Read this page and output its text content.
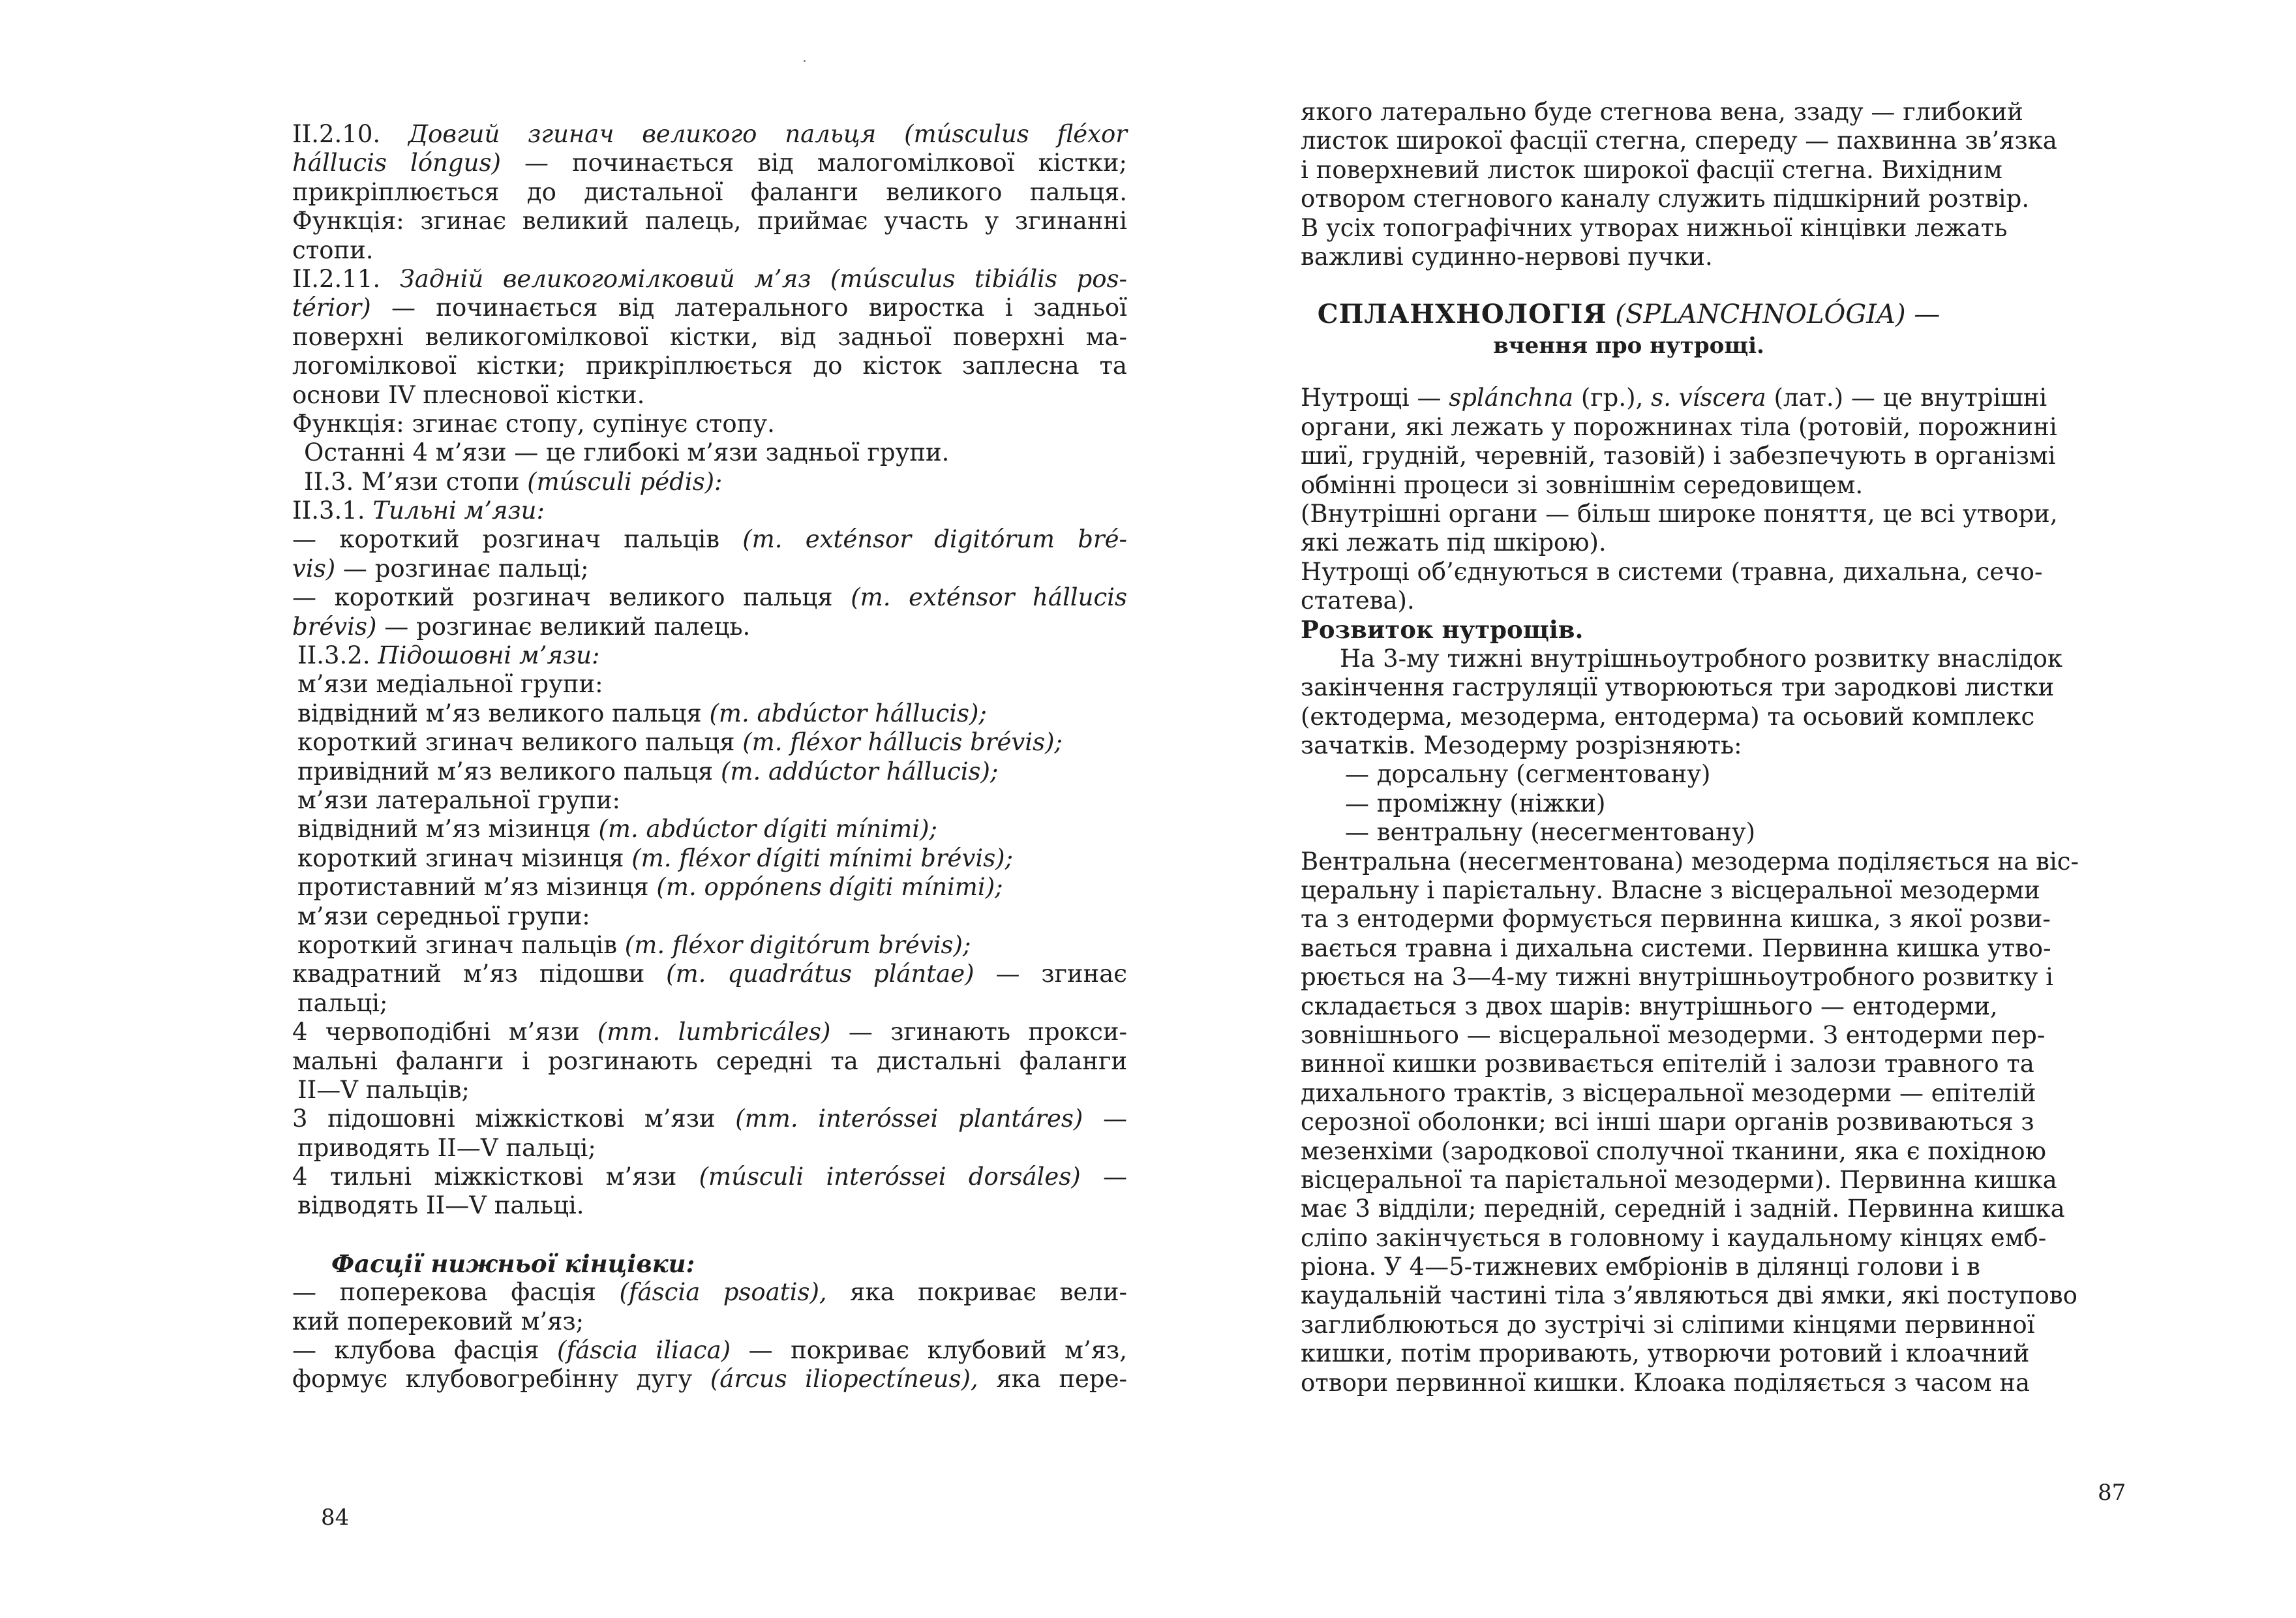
II.2.10. Довгий згинач великого пальця (músculus fléxor
hállucis lóngus) — починається від малогомілкової кістки;
прикріплюється до дистальної фаланги великого пальця.
Функція: згинає великий палець, приймає участь у згинанні
стопи.
II.2.11. Задній великогомілковий м’яз (músculus tibiális pos-
térior) — починається від латерального виростка і задньої
поверхні великогомілкової кістки, від задньої поверхні ма-
логомілкової кістки; прикріплюється до кісток заплесна та
основи IV плеснової кістки.
Функція: згинає стопу, супінує стопу.
Останні 4 м’язи — це глибокі м’язи задньої групи.
II.3. М’язи стопи (músculi pédis):
II.3.1. Тильні м’язи:
— короткий розгинач пальців (m. exténsor digitórum bré-
vis) — розгинає пальці;
— короткий розгинач великого пальця (m. exténsor hállucis
brévis) — розгинає великий палець.
II.3.2. Підошовні м’язи:
м’язи медіальної групи:
відвідний м’яз великого пальця (m. abdúctor hállucis);
короткий згинач великого пальця (m. fléxor hállucis brévis);
привідний м’яз великого пальця (m. addúctor hállucis);
м’язи латеральної групи:
відвідний м’яз мізинця (m. abdúctor dígiti mínimi);
короткий згинач мізинця (m. fléxor dígiti mínimi brévis);
протиставний м’яз мізинця (m. oppónens dígiti mínimi);
м’язи середньої групи:
короткий згинач пальців (m. fléxor digitórum brévis);
квадратний м’яз підошви (m. quadrátus plántae) — згинає
пальці;
4 червоподібні м’язи (mm. lumbricáles) — згинають прокси-
мальні фаланги і розгинають середні та дистальні фаланги
II—V пальців;
3 підошовні міжкісткові м’язи (mm. interóssei plantáres) —
приводять II—V пальці;
4 тильні міжкісткові м’язи (músculi interóssei dorsáles) —
відводять II—V пальці.
Фасції нижньої кінцівки:
— поперекова фасція (fáscia psoatis), яка покриває вели-
кий поперековий м’яз;
— клубова фасція (fáscia iliaca) — покриває клубовий м’яз,
формує клубовогребінну дугу (árcus iliopectíneus), яка пере-
84
якого латерально буде стегнова вена, ззаду — глибокий
листок широкої фасції стегна, спереду — пахвинна зв’язка
і поверхневий листок широкої фасції стегна. Вихідним
отвором стегнового каналу служить підшкірний розтвір.
В усіх топографічних утворах нижньої кінцівки лежать
важливі судинно-нервові пучки.
СПЛАНХНОЛОГІЯ (SPLANCHNOLÓGIA) —
вчення про нутрощі.
Нутрощі — splánchna (гр.), s. víscera (лат.) — це внутрішні
органи, які лежать у порожнинах тіла (ротовій, порожнині
шиї, грудній, черевній, тазовій) і забезпечують в організмі
обмінні процеси зі зовнішнім середовищем.
(Внутрішні органи — більш широке поняття, це всі утвори,
які лежать під шкірою).
Нутрощі об’єднуються в системи (травна, дихальна, сечо-
статева).
Розвиток нутрощів.
На 3-му тижні внутрішньоутробного розвитку внаслідок
закінчення гаструляції утворюються три зародкові листки
(ектодерма, мезодерма, ентодерма) та осьовий комплекс
зачатків. Мезодерму розрізняють:
— дорсальну (сегментовану)
— проміжну (ніжки)
— вентральну (несегментовану)
Вентральна (несегментована) мезодерма поділяється на віс-
церальну і парієтальну. Власне з вісцеральної мезодерми
та з ентодерми формується первинна кишка, з якої розви-
вається травна і дихальна системи. Первинна кишка утво-
рюється на 3—4-му тижні внутрішньоутробного розвитку і
складається з двох шарів: внутрішнього — ентодерми,
зовнішнього — вісцеральної мезодерми. З ентодерми пер-
винної кишки розвивається епітелій і залози травного та
дихального трактів, з вісцеральної мезодерми — епітелій
серозної оболонки; всі інші шари органів розвиваються з
мезенхіми (зародкової сполучної тканини, яка є похідною
вісцеральної та парієтальної мезодерми). Первинна кишка
має 3 відділи; передній, середній і задній. Первинна кишка
сліпо закінчується в головному і каудальному кінцях емб-
ріона. У 4—5-тижневих ембріонів в ділянці голови і в
каудальній частині тіла з’являються дві ямки, які поступово
заглиблюються до зустрічі зі сліпими кінцями первинної
кишки, потім проривають, утворючи ротовий і клоачний
отвори первинної кишки. Клоака поділяється з часом на
87
